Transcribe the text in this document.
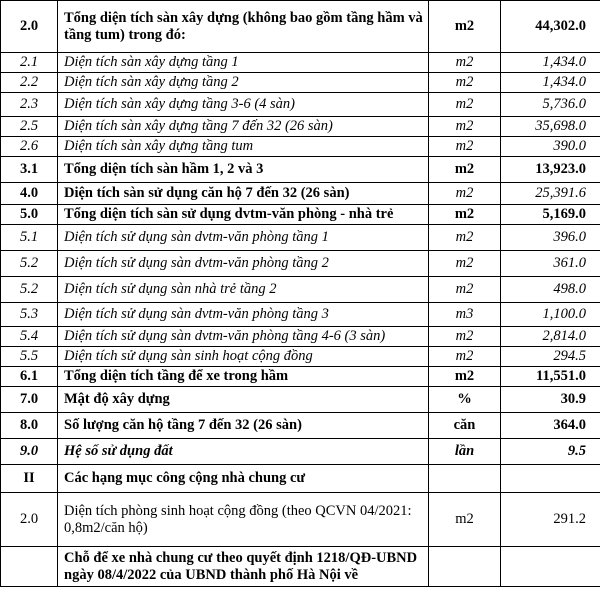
2.0	Tổng diện tích sàn xây dựng (không bao gồm tầng hầm và tầng tum) trong đó:	m2	44,302.0
2.1	Diện tích sàn xây dựng tầng 1	m2	1,434.0
2.2	Diện tích sàn xây dựng tầng 2	m2	1,434.0
2.3	Diện tích sàn xây dựng tầng 3-6 (4 sàn)	m2	5,736.0
2.5	Diện tích sàn xây dựng tầng 7 đến 32 (26 sàn)	m2	35,698.0
2.6	Diện tích sàn xây dựng tầng tum	m2	390.0
3.1	Tổng diện tích sàn hầm 1, 2 và 3	m2	13,923.0
4.0	Diện tích sàn sử dụng căn hộ 7 đến 32 (26 sàn)	m2	25,391.6
5.0	Tổng diện tích sàn sử dụng dvtm-văn phòng - nhà trẻ	m2	5,169.0
5.1	Diện tích sử dụng sàn dvtm-văn phòng tầng 1	m2	396.0
5.2	Diện tích sử dụng sàn dvtm-văn phòng tầng 2	m2	361.0
5.2	Diện tích sử dụng sàn nhà trẻ tầng 2	m2	498.0
5.3	Diện tích sử dụng sàn dvtm-văn phòng tầng 3	m3	1,100.0
5.4	Diện tích sử dụng sàn dvtm-văn phòng tầng 4-6 (3 sàn)	m2	2,814.0
5.5	Diện tích sử dụng sàn sinh hoạt cộng đồng	m2	294.5
6.1	Tổng diện tích tầng để xe trong hầm	m2	11,551.0
7.0	Mật độ xây dựng	%	30.9
8.0	Số lượng căn hộ tầng 7 đến 32 (26 sàn)	căn	364.0
9.0	Hệ số sử dụng đất	lần	9.5
II	Các hạng mục công cộng nhà chung cư		
2.0	Diện tích phòng sinh hoạt cộng đồng (theo QCVN 04/2021: 0,8m2/căn hộ)	m2	291.2
	Chỗ để xe nhà chung cư theo quyết định 1218/QĐ-UBND ngày 08/4/2022 của UBND thành phố Hà Nội về		
